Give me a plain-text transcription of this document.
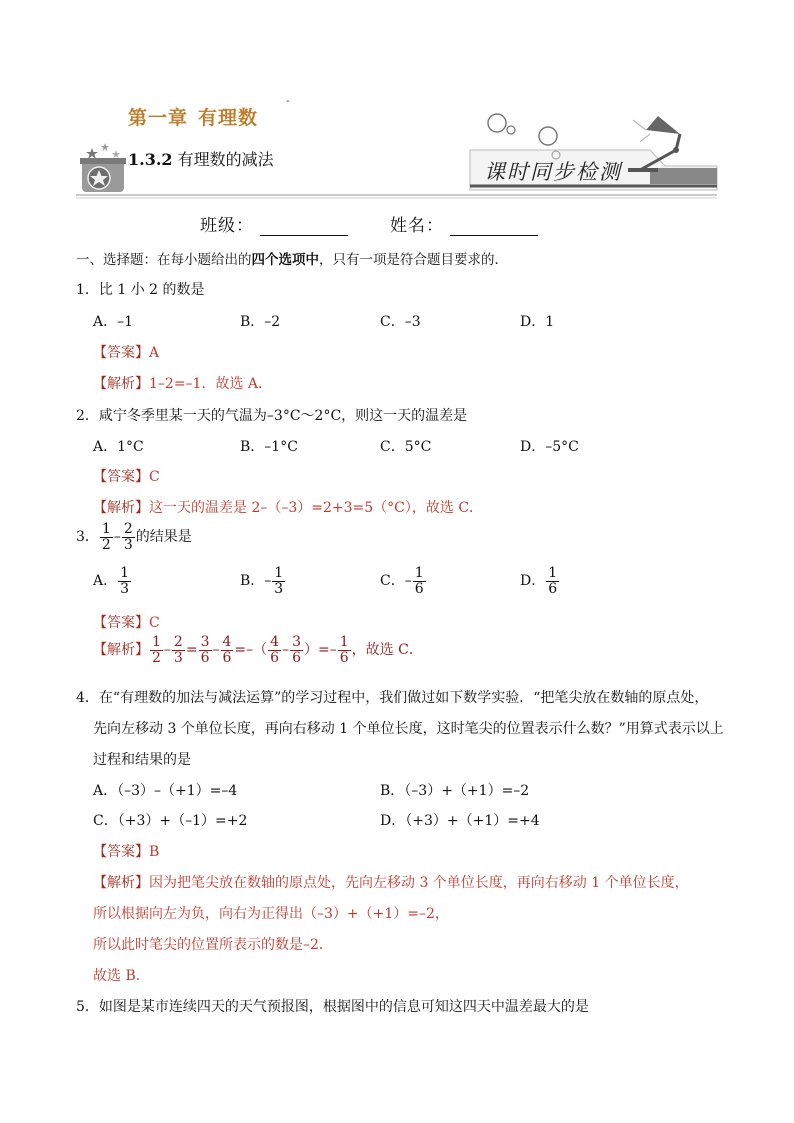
第一章 有理数
-
1.3.2 有理数的减法
课时同步检测
班级：	姓名：
一、选择题：在每小题给出的四个选项中，只有一项是符合题目要求的．
1．比 1 小 2 的数是
A．–1	B．–2	C．–3	D．1
【答案】A
【解析】1–2=–1．故选 A．
2．咸宁冬季里某一天的气温为–3°C～2°C，则这一天的温差是
A．1°C	B．–1°C	C．5°C	D．–5°C
【答案】C
【解析】这一天的温差是 2–（–3）=2+3=5（°C），故选 C．
3． $\frac{1}{2} - \frac{2}{3}$ 的结果是
A． $\frac{1}{3}$	B．– $\frac{1}{3}$	C．– $\frac{1}{6}$	D． $\frac{1}{6}$
【答案】C
【解析】 $\frac{1}{2} - \frac{2}{3} = \frac{3}{6} - \frac{4}{6}$ =–（ $\frac{4}{6} - \frac{3}{6}$ ）=– $\frac{1}{6}$ ，故选 C．
4．在“有理数的加法与减法运算”的学习过程中，我们做过如下数学实验．“把笔尖放在数轴的原点处，
先向左移动 3 个单位长度，再向右移动 1 个单位长度，这时笔尖的位置表示什么数？”用算式表示以上
过程和结果的是
A．（–3）–（+1）=–4	B．（–3）+（+1）=–2
C．（+3）+（–1）=+2	D．（+3）+（+1）=+4
【答案】B
【解析】因为把笔尖放在数轴的原点处，先向左移动 3 个单位长度，再向右移动 1 个单位长度，
所以根据向左为负，向右为正得出（–3）+（+1）=–2，
所以此时笔尖的位置所表示的数是–2．
故选 B．
5．如图是某市连续四天的天气预报图，根据图中的信息可知这四天中温差最大的是
